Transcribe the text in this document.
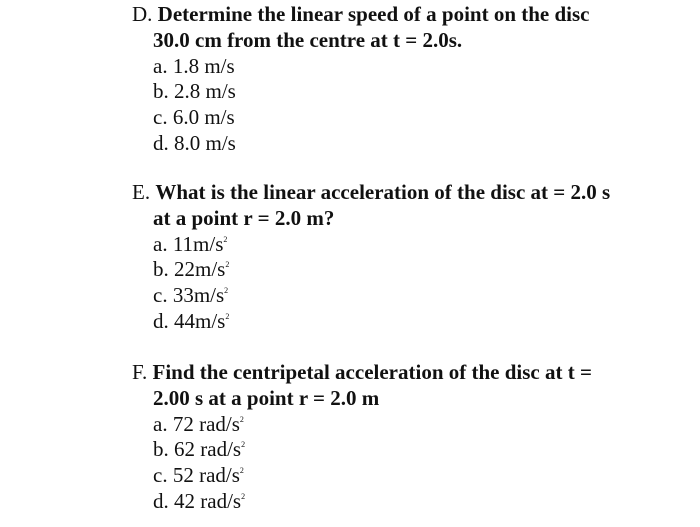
D. Determine the linear speed of a point on the disc
30.0 cm from the centre at t = 2.0s.
a. 1.8 m/s
b. 2.8 m/s
c. 6.0 m/s
d. 8.0 m/s
E. What is the linear acceleration of the disc at = 2.0 s
at a point r = 2.0 m?
a. $11m/s^2$
b. $22m/s^2$
c. $33m/s^2$
d. $44m/s^2$
F. Find the centripetal acceleration of the disc at t =
2.00 s at a point r = 2.0 m
a. 72 rad/$s^2$
b. 62 rad/$s^2$
c. 52 rad/$s^2$
d. 42 rad/$s^2$
